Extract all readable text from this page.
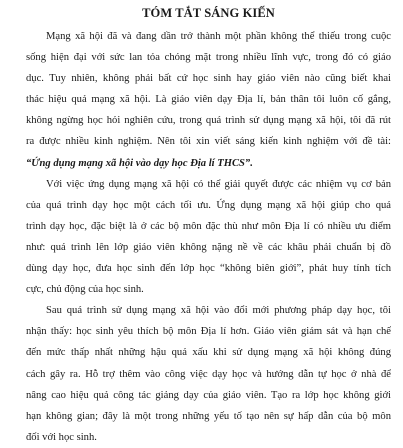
TÓM TẮT SÁNG KIẾN
Mạng xã hội đã và đang dần trở thành một phần không thể thiếu trong cuộc
sống hiện đại với sức lan tỏa chóng mặt trong nhiều lĩnh vực, trong đó có giáo
dục. Tuy nhiên, không phải bất cứ học sinh hay giáo viên nào cũng biết khai
thác hiệu quả mạng xã hội. Là giáo viên dạy Địa lí, bản thân tôi luôn cố gắng,
không ngừng học hỏi nghiên cứu, trong quá trình sử dụng mạng xã hội, tôi đã rút
ra được nhiều kinh nghiệm. Nên tôi xin viết sáng kiến kinh nghiệm với đề tài:
“Ứng dụng mạng xã hội vào dạy học Địa lí THCS”.
Với việc ứng dụng mạng xã hội có thể giải quyết được các nhiệm vụ cơ bản
của quá trình dạy học một cách tối ưu. Ứng dụng mạng xã hội giúp cho quá
trình dạy học, đặc biệt là ở các bộ môn đặc thù như môn Địa lí có nhiều ưu điểm
như: quá trình lên lớp giáo viên không nặng nề về các khâu phải chuẩn bị đồ
dùng dạy học, đưa học sinh đến lớp học “không biên giới”, phát huy tính tích
cực, chủ động của học sinh.
Sau quá trình sử dụng mạng xã hội vào đổi mới phương pháp dạy học, tôi
nhận thấy: học sinh yêu thích bộ môn Địa lí hơn. Giáo viên giám sát và hạn chế
đến mức thấp nhất những hậu quả xấu khi sử dụng mạng xã hội không đúng
cách gây ra. Hỗ trợ thêm vào công việc dạy học và hướng dẫn tự học ở nhà để
nâng cao hiệu quả công tác giảng dạy của giáo viên. Tạo ra lớp học không giới
hạn không gian; đây là một trong những yếu tố tạo nên sự hấp dẫn của bộ môn
đối với học sinh.
